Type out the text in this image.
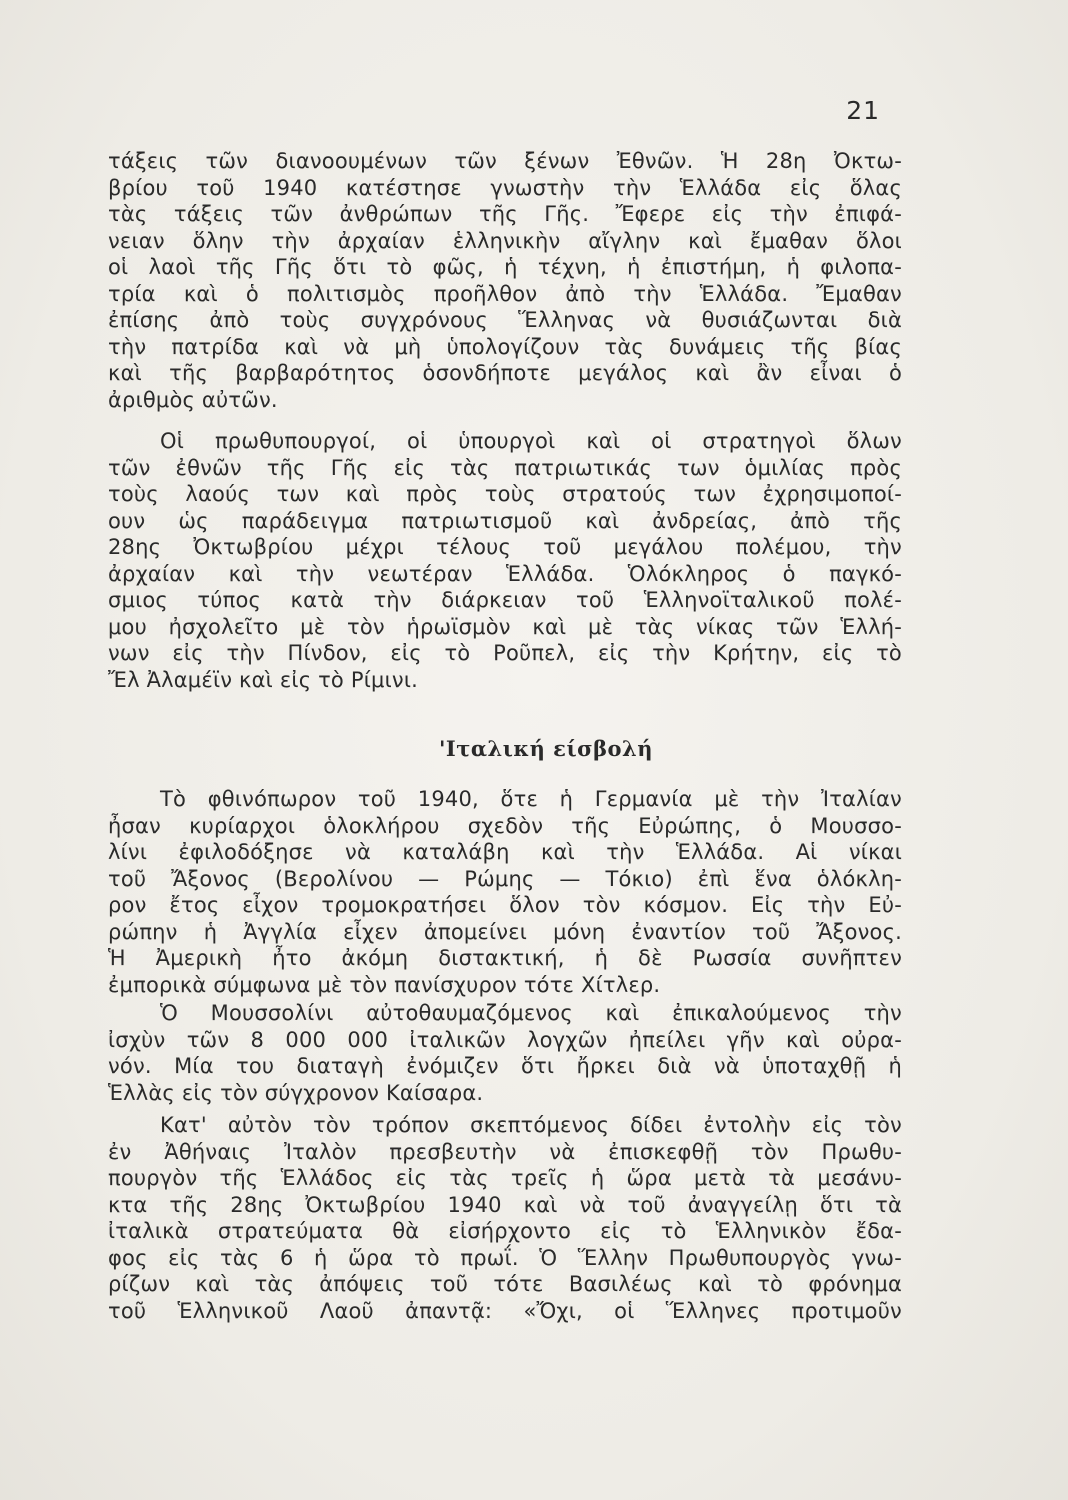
21
τάξεις τῶν διανοουμένων τῶν ξένων Ἐθνῶν. Ἡ 28η Ὀκτω-
βρίου τοῦ 1940 κατέστησε γνωστὴν τὴν Ἑλλάδα εἰς ὅλας
τὰς τάξεις τῶν ἀνθρώπων τῆς Γῆς. Ἔφερε εἰς τὴν ἐπιφά-
νειαν ὅλην τὴν ἀρχαίαν ἑλληνικὴν αἴγλην καὶ ἔμαθαν ὅλοι
οἱ λαοὶ τῆς Γῆς ὅτι τὸ φῶς, ἡ τέχνη, ἡ ἐπιστήμη, ἡ φιλοπα-
τρία καὶ ὁ πολιτισμὸς προῆλθον ἀπὸ τὴν Ἑλλάδα. Ἔμαθαν
ἐπίσης ἀπὸ τοὺς συγχρόνους Ἕλληνας νὰ θυσιάζωνται διὰ
τὴν πατρίδα καὶ νὰ μὴ ὑπολογίζουν τὰς δυνάμεις τῆς βίας
καὶ τῆς βαρβαρότητος ὁσονδήποτε μεγάλος καὶ ἂν εἶναι ὁ
ἀριθμὸς αὐτῶν.
Οἱ πρωθυπουργοί, οἱ ὑπουργοὶ καὶ οἱ στρατηγοὶ ὅλων
τῶν ἐθνῶν τῆς Γῆς εἰς τὰς πατριωτικάς των ὁμιλίας πρὸς
τοὺς λαούς των καὶ πρὸς τοὺς στρατούς των ἐχρησιμοποί-
ουν ὡς παράδειγμα πατριωτισμοῦ καὶ ἀνδρείας, ἀπὸ τῆς
28ης Ὀκτωβρίου μέχρι τέλους τοῦ μεγάλου πολέμου, τὴν
ἀρχαίαν καὶ τὴν νεωτέραν Ἑλλάδα. Ὁλόκληρος ὁ παγκό-
σμιος τύπος κατὰ τὴν διάρκειαν τοῦ Ἑλληνοϊταλικοῦ πολέ-
μου ἠσχολεῖτο μὲ τὸν ἡρωϊσμὸν καὶ μὲ τὰς νίκας τῶν Ἑλλή-
νων εἰς τὴν Πίνδον, εἰς τὸ Ροῦπελ, εἰς τὴν Κρήτην, εἰς τὸ
Ἔλ Ἀλαμέϊν καὶ εἰς τὸ Ρίμινι.
'Ιταλική είσβολή
Τὸ φθινόπωρον τοῦ 1940, ὅτε ἡ Γερμανία μὲ τὴν Ἰταλίαν
ἦσαν κυρίαρχοι ὁλοκλήρου σχεδὸν τῆς Εὐρώπης, ὁ Μουσσο-
λίνι ἐφιλοδόξησε νὰ καταλάβη καὶ τὴν Ἑλλάδα. Αἱ νίκαι
τοῦ Ἄξονος (Βερολίνου — Ρώμης — Τόκιο) ἐπὶ ἕνα ὁλόκλη-
ρον ἔτος εἶχον τρομοκρατήσει ὅλον τὸν κόσμον. Εἰς τὴν Εὐ-
ρώπην ἡ Ἀγγλία εἶχεν ἀπομείνει μόνη ἐναντίον τοῦ Ἄξονος.
Ἡ Ἀμερικὴ ἦτο ἀκόμη διστακτική, ἡ δὲ Ρωσσία συνῆπτεν
ἐμπορικὰ σύμφωνα μὲ τὸν πανίσχυρον τότε Χίτλερ.
Ὁ Μουσσολίνι αὐτοθαυμαζόμενος καὶ ἐπικαλούμενος τὴν
ἰσχὺν τῶν 8 000 000 ἰταλικῶν λογχῶν ἠπείλει γῆν καὶ οὐρα-
νόν. Μία του διαταγὴ ἐνόμιζεν ὅτι ἤρκει διὰ νὰ ὑποταχθῇ ἡ
Ἑλλὰς εἰς τὸν σύγχρονον Καίσαρα.
Κατ' αὐτὸν τὸν τρόπον σκεπτόμενος δίδει ἐντολὴν εἰς τὸν
ἐν Ἀθήναις Ἰταλὸν πρεσβευτὴν νὰ ἐπισκεφθῇ τὸν Πρωθυ-
πουργὸν τῆς Ἑλλάδος εἰς τὰς τρεῖς ἡ ὥρα μετὰ τὰ μεσάνυ-
κτα τῆς 28ης Ὀκτωβρίου 1940 καὶ νὰ τοῦ ἀναγγείλῃ ὅτι τὰ
ἰταλικὰ στρατεύματα θὰ εἰσήρχοντο εἰς τὸ Ἑλληνικὸν ἔδα-
φος εἰς τὰς 6 ἡ ὥρα τὸ πρωΐ. Ὁ Ἕλλην Πρωθυπουργὸς γνω-
ρίζων καὶ τὰς ἀπόψεις τοῦ τότε Βασιλέως καὶ τὸ φρόνημα
τοῦ Ἑλληνικοῦ Λαοῦ ἀπαντᾷ: «Ὄχι, οἱ Ἕλληνες προτιμοῦν
